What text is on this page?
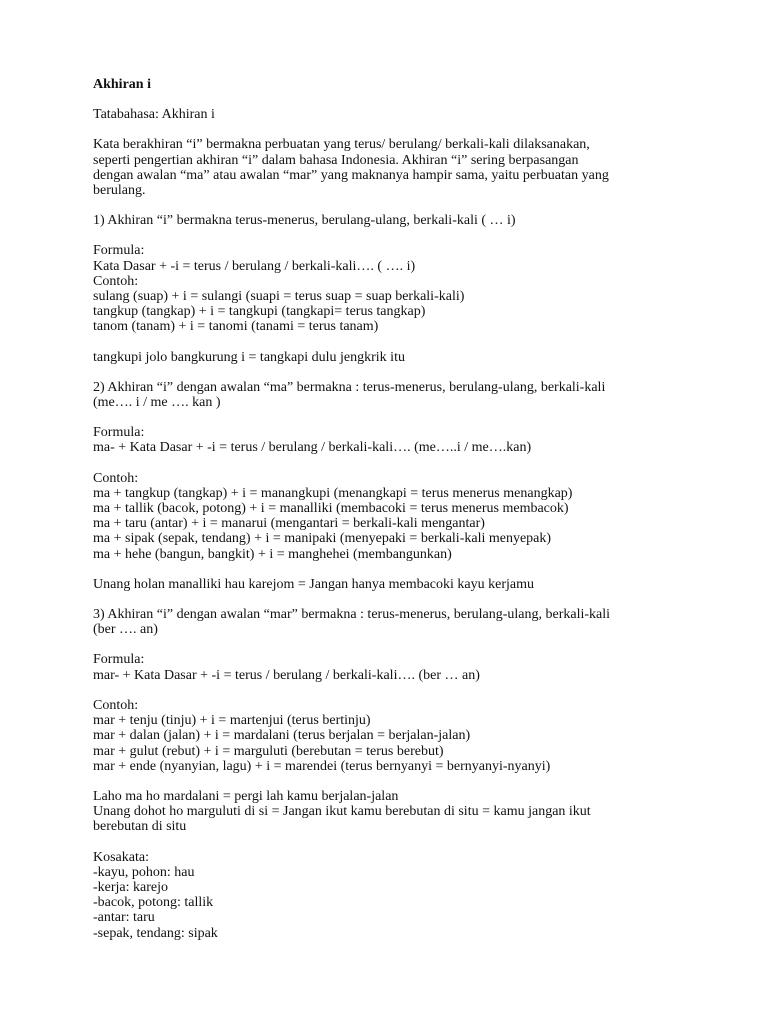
Akhiran i
Tatabahasa: Akhiran i
Kata berakhiran “i” bermakna perbuatan yang terus/ berulang/ berkali-kali dilaksanakan,
seperti pengertian akhiran “i” dalam bahasa Indonesia. Akhiran “i” sering berpasangan
dengan awalan “ma” atau awalan “mar” yang maknanya hampir sama, yaitu perbuatan yang
berulang.
1) Akhiran “i” bermakna terus-menerus, berulang-ulang, berkali-kali ( … i)
Formula:
Kata Dasar + -i = terus / berulang / berkali-kali…. ( …. i)
Contoh:
sulang (suap) + i = sulangi (suapi = terus suap = suap berkali-kali)
tangkup (tangkap) + i = tangkupi (tangkapi= terus tangkap)
tanom (tanam) + i = tanomi (tanami = terus tanam)
tangkupi jolo bangkurung i = tangkapi dulu jengkrik itu
2) Akhiran “i” dengan awalan “ma” bermakna : terus-menerus, berulang-ulang, berkali-kali
(me…. i / me …. kan )
Formula:
ma- + Kata Dasar + -i = terus / berulang / berkali-kali…. (me…..i / me….kan)
Contoh:
ma + tangkup (tangkap) + i = manangkupi (menangkapi = terus menerus menangkap)
ma + tallik (bacok, potong) + i = manalliki (membacoki = terus menerus membacok)
ma + taru (antar) + i = manarui (mengantari = berkali-kali mengantar)
ma + sipak (sepak, tendang) + i = manipaki (menyepaki = berkali-kali menyepak)
ma + hehe (bangun, bangkit) + i = manghehei (membangunkan)
Unang holan manalliki hau karejom = Jangan hanya membacoki kayu kerjamu
3) Akhiran “i” dengan awalan “mar” bermakna : terus-menerus, berulang-ulang, berkali-kali
(ber …. an)
Formula:
mar- + Kata Dasar + -i = terus / berulang / berkali-kali…. (ber … an)
Contoh:
mar + tenju (tinju) + i = martenjui (terus bertinju)
mar + dalan (jalan) + i = mardalani (terus berjalan = berjalan-jalan)
mar + gulut (rebut) + i = marguluti (berebutan = terus berebut)
mar + ende (nyanyian, lagu) + i = marendei (terus bernyanyi = bernyanyi-nyanyi)
Laho ma ho mardalani = pergi lah kamu berjalan-jalan
Unang dohot ho marguluti di si = Jangan ikut kamu berebutan di situ = kamu jangan ikut
berebutan di situ
Kosakata:
-kayu, pohon: hau
-kerja: karejo
-bacok, potong: tallik
-antar: taru
-sepak, tendang: sipak
